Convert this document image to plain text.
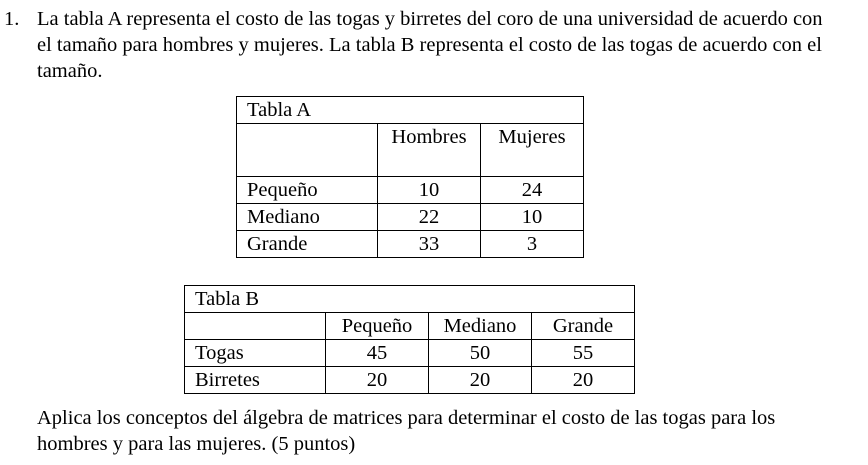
1. La tabla A representa el costo de las togas y birretes del coro de una universidad de acuerdo con el tamaño para hombres y mujeres. La tabla B representa el costo de las togas de acuerdo con el tamaño.
Tabla A		

	Hombres	Mujeres

Pequeño	10	24
Mediano	22	10
Grande	33	3
Tabla B			
	Pequeño	Mediano	Grande
Togas	45	50	55
Birretes	20	20	20
Aplica los conceptos del álgebra de matrices para determinar el costo de las togas para los hombres y para las mujeres. (5 puntos)
